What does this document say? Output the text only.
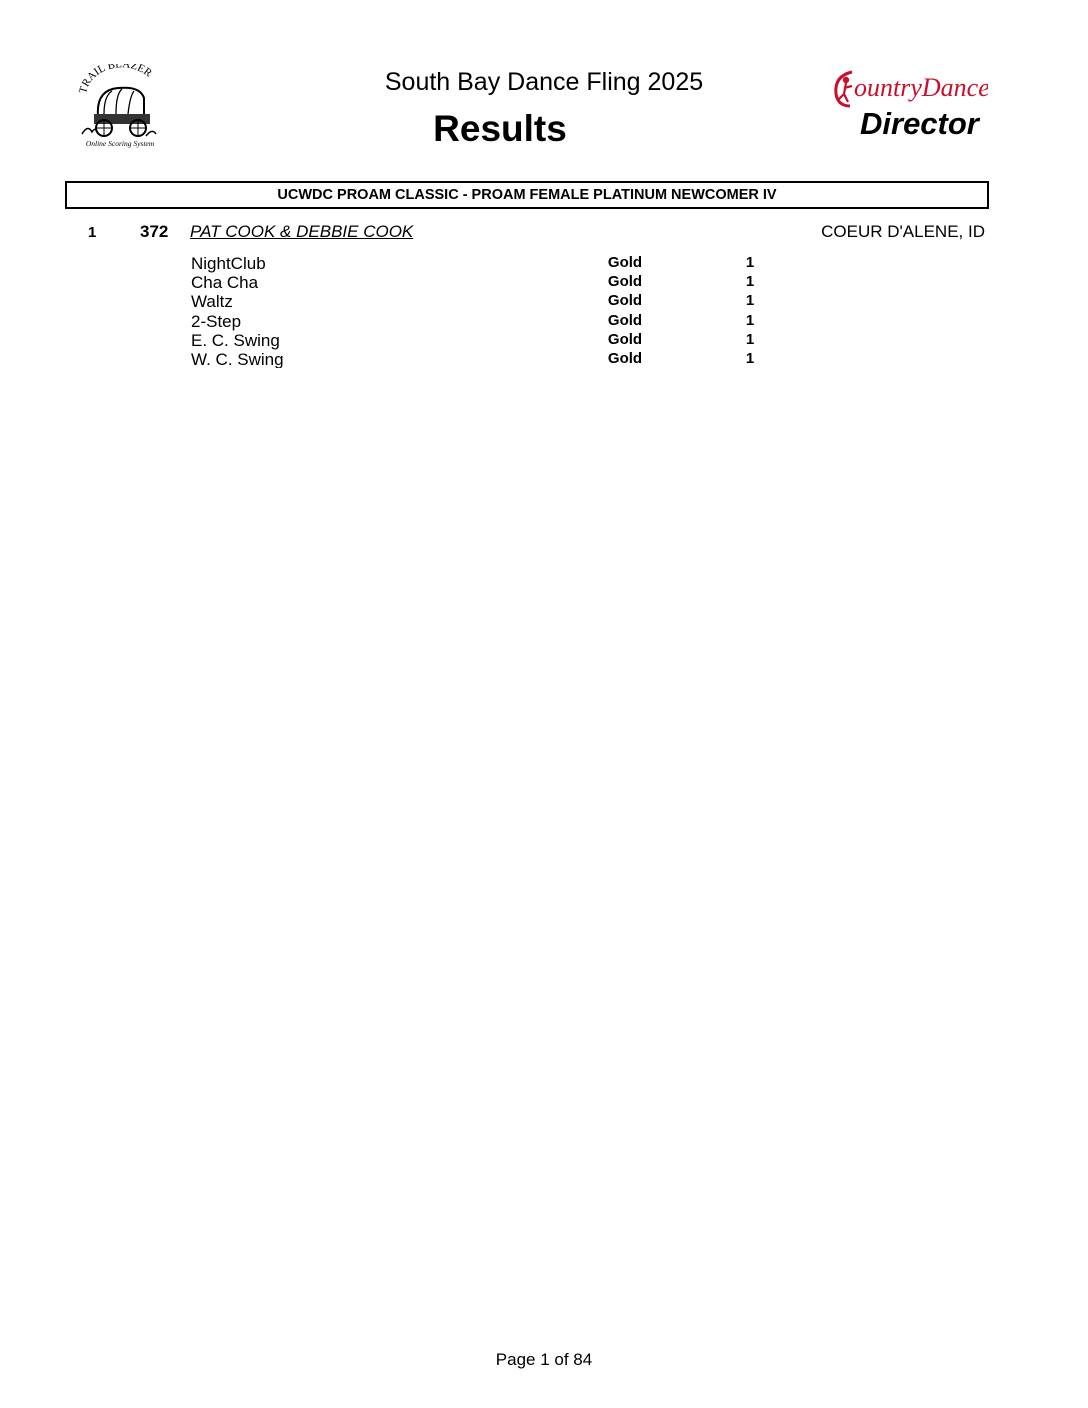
TRAIL BLAZER
Online Scoring System
South Bay Dance Fling 2025
Results
ountryDance
Director
UCWDC PROAM CLASSIC - PROAM FEMALE PLATINUM NEWCOMER IV
1	372 PAT COOK & DEBBIE COOK	COEUR D'ALENE, ID
NightClub	Gold	1
Cha Cha	Gold	1
Waltz	Gold	1
2-Step	Gold	1
E. C. Swing	Gold	1
W. C. Swing	Gold	1
Page 1 of 84
